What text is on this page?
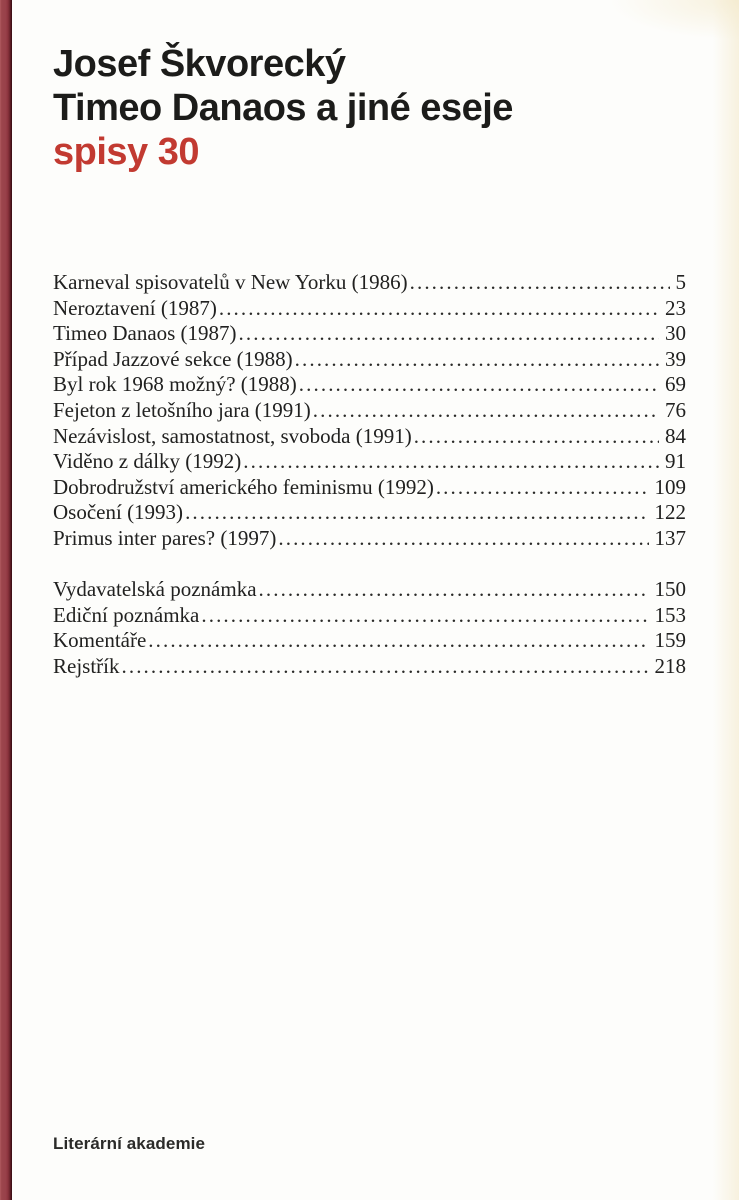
Josef Škvorecký
Timeo Danaos a jiné eseje
spisy 30
Karneval spisovatelů v New Yorku (1986) .....	5
Neroztavení (1987) .....	23
Timeo Danaos (1987) .....	30
Případ Jazzové sekce (1988) .....	39
Byl rok 1968 možný? (1988) .....	69
Fejeton z letošního jara (1991) .....	76
Nezávislost, samostatnost, svoboda (1991) .....	84
Viděno z dálky (1992) .....	91
Dobrodružství amerického feminismu (1992) .....	109
Osočení (1993) .....	122
Primus inter pares? (1997) .....	137
Vydavatelská poznámka .....	150
Ediční poznámka .....	153
Komentáře .....	159
Rejstřík .....	218
Literární akademie
